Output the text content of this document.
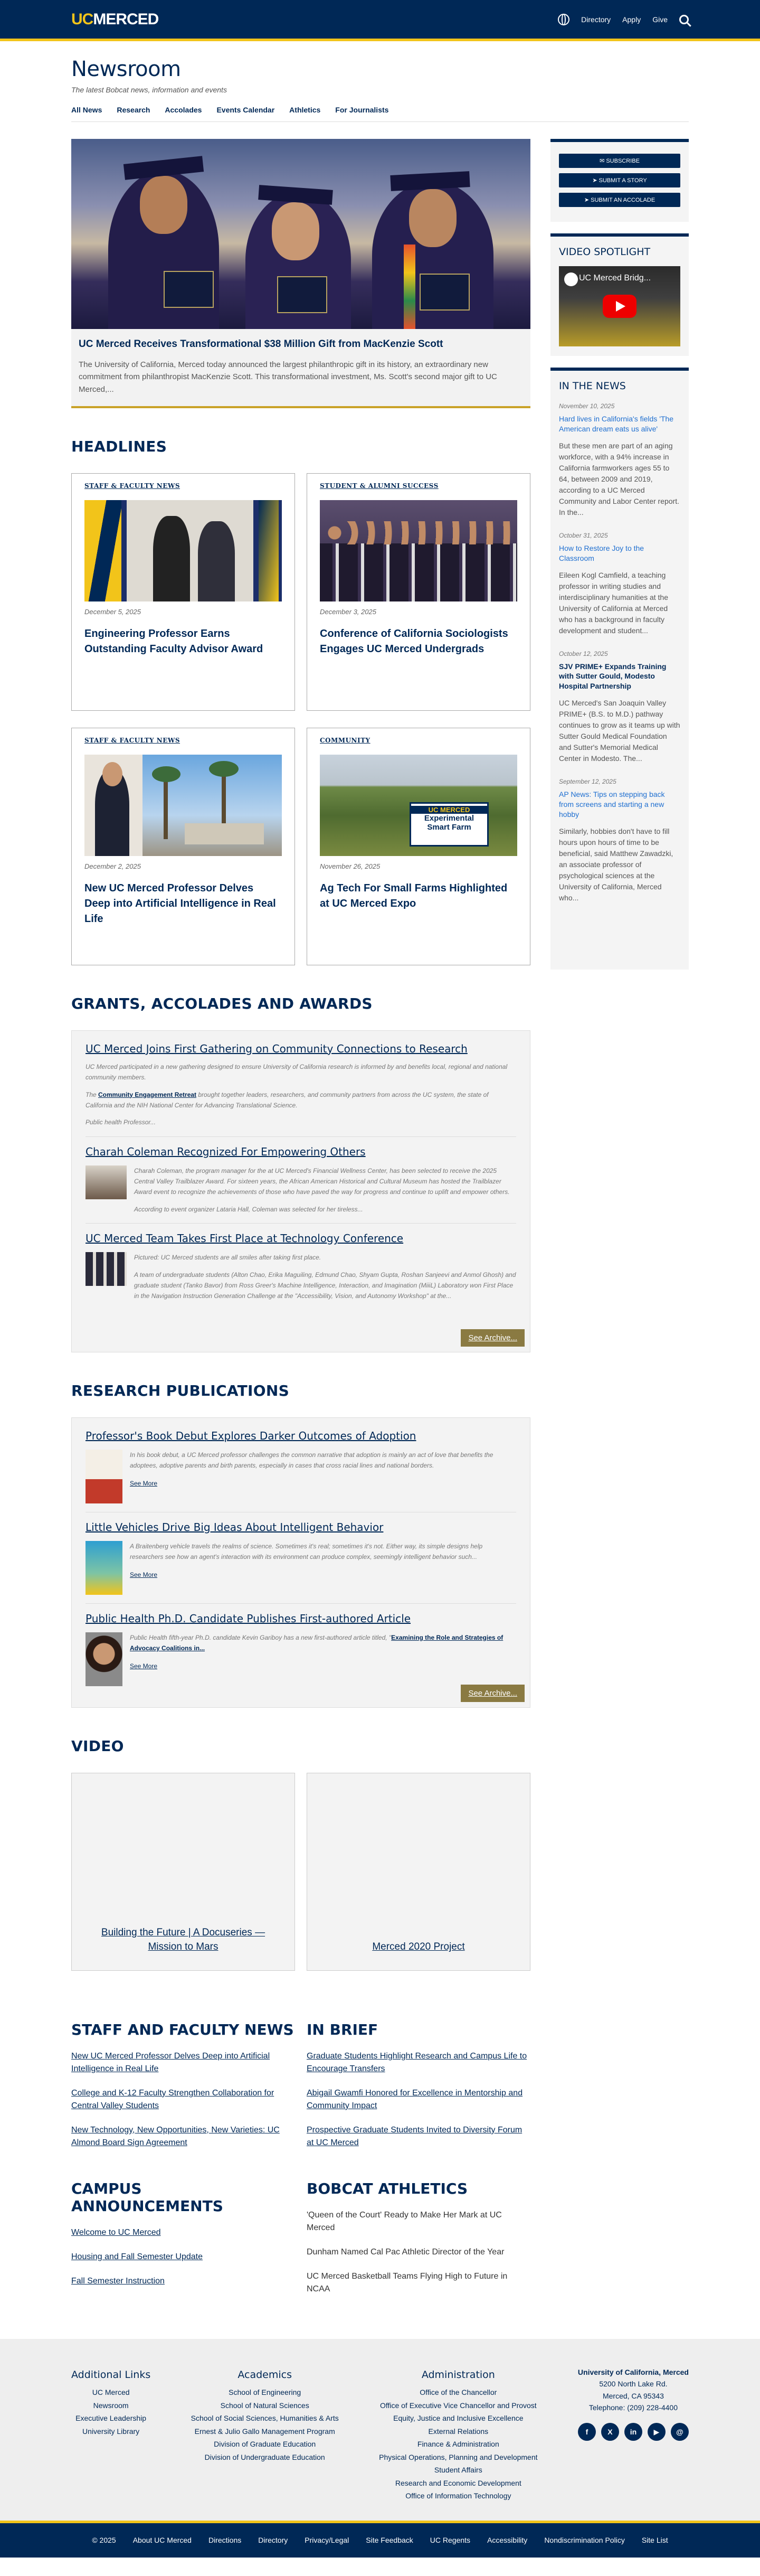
UCMERCED	Directory Apply Give
Newsroom
The latest Bobcat news, information and events
All News Research Accolades Events Calendar Athletics For Journalists
UC Merced Receives Transformational $38 Million Gift from MacKenzie Scott
The University of California, Merced today announced the largest philanthropic gift in its history, an extraordinary new commitment from philanthropist MacKenzie Scott. This transformational investment, Ms. Scott's second major gift to UC Merced,...
HEADLINES
STAFF & FACULTY NEWS
December 5, 2025
Engineering Professor Earns Outstanding Faculty Advisor Award
STUDENT & ALUMNI SUCCESS
December 3, 2025
Conference of California Sociologists Engages UC Merced Undergrads
STAFF & FACULTY NEWS
December 2, 2025
New UC Merced Professor Delves Deep into Artificial Intelligence in Real Life
COMMUNITY
UC MERCED
Experimental
Smart Farm
November 26, 2025
Ag Tech For Small Farms Highlighted at UC Merced Expo
GRANTS, ACCOLADES AND AWARDS
UC Merced Joins First Gathering on Community Connections to Research
UC Merced participated in a new gathering designed to ensure University of California research is informed by and benefits local, regional and national community members.
The Community Engagement Retreat brought together leaders, researchers, and community partners from across the UC system, the state of California and the NIH National Center for Advancing Translational Science.
Public health Professor...
Charah Coleman Recognized For Empowering Others
Charah Coleman, the program manager for the at UC Merced's Financial Wellness Center, has been selected to receive the 2025 Central Valley Trailblazer Award. For sixteen years, the African American Historical and Cultural Museum has hosted the Trailblazer Award event to recognize the achievements of those who have paved the way for progress and continue to uplift and empower others.
According to event organizer Lataria Hall, Coleman was selected for her tireless...
UC Merced Team Takes First Place at Technology Conference
Pictured: UC Merced students are all smiles after taking first place.
A team of undergraduate students (Alton Chao, Erika Maguiling, Edmund Chao, Shyam Gupta, Roshan Sanjeevi and Anmol Ghosh) and graduate student (Tanko Bavor) from Ross Greer's Machine Intelligence, Interaction, and Imagination (MiiiL) Laboratory won First Place in the Navigation Instruction Generation Challenge at the "Accessibility, Vision, and Autonomy Workshop" at the...
See Archive...
RESEARCH PUBLICATIONS
Professor's Book Debut Explores Darker Outcomes of Adoption
In his book debut, a UC Merced professor challenges the common narrative that adoption is mainly an act of love that benefits the adoptees, adoptive parents and birth parents, especially in cases that cross racial lines and national borders.
See More
Little Vehicles Drive Big Ideas About Intelligent Behavior
A Braitenberg vehicle travels the realms of science. Sometimes it's real; sometimes it's not. Either way, its simple designs help researchers see how an agent's interaction with its environment can produce complex, seemingly intelligent behavior such...
See More
Public Health Ph.D. Candidate Publishes First-authored Article
Public Health fifth-year Ph.D. candidate Kevin Gariboy has a new first-authored article titled, "Examining the Role and Strategies of Advocacy Coalitions in...
See More
See Archive...
✉ SUBSCRIBE
➤ SUBMIT A STORY
➤ SUBMIT AN ACCOLADE
VIDEO SPOTLIGHT
UC Merced Bridg...
IN THE NEWS
November 10, 2025
Hard lives in California's fields 'The American dream eats us alive'
But these men are part of an aging workforce, with a 94% increase in California farmworkers ages 55 to 64, between 2009 and 2019, according to a UC Merced Community and Labor Center report. In the...
October 31, 2025
How to Restore Joy to the Classroom
Eileen Kogl Camfield, a teaching professor in writing studies and interdisciplinary humanities at the University of California at Merced who has a background in faculty development and student...
October 12, 2025
SJV PRIME+ Expands Training with Sutter Gould, Modesto Hospital Partnership
UC Merced's San Joaquin Valley PRIME+ (B.S. to M.D.) pathway continues to grow as it teams up with Sutter Gould Medical Foundation and Sutter's Memorial Medical Center in Modesto. The...
September 12, 2025
AP News: Tips on stepping back from screens and starting a new hobby
Similarly, hobbies don't have to fill hours upon hours of time to be beneficial, said Matthew Zawadzki, an associate professor of psychological sciences at the University of California, Merced who...
VIDEO
Building the Future | A Docuseries — Mission to Mars	Merced 2020 Project
STAFF AND FACULTY NEWS
New UC Merced Professor Delves Deep into Artificial Intelligence in Real Life
College and K-12 Faculty Strengthen Collaboration for Central Valley Students
New Technology, New Opportunities, New Varieties: UC Almond Board Sign Agreement
IN BRIEF
Graduate Students Highlight Research and Campus Life to Encourage Transfers
Abigail Gwamfi Honored for Excellence in Mentorship and Community Impact
Prospective Graduate Students Invited to Diversity Forum at UC Merced
CAMPUS ANNOUNCEMENTS
Welcome to UC Merced
Housing and Fall Semester Update
Fall Semester Instruction
BOBCAT ATHLETICS
'Queen of the Court' Ready to Make Her Mark at UC Merced
Dunham Named Cal Pac Athletic Director of the Year
UC Merced Basketball Teams Flying High to Future in NCAA
Additional Links
UC Merced
Newsroom
Executive Leadership
University Library
Academics
School of Engineering
School of Natural Sciences
School of Social Sciences, Humanities & Arts
Ernest & Julio Gallo Management Program
Division of Graduate Education
Division of Undergraduate Education
Administration
Office of the Chancellor
Office of Executive Vice Chancellor and Provost
Equity, Justice and Inclusive Excellence
External Relations
Finance & Administration
Physical Operations, Planning and Development
Student Affairs
Research and Economic Development
Office of Information Technology
University of California, Merced
5200 North Lake Rd.
Merced, CA 95343
Telephone: (209) 228-4400
f	X	in	▶	@
© 2025 About UC Merced Directions Directory Privacy/Legal Site Feedback UC Regents Accessibility Nondiscrimination Policy Site List
